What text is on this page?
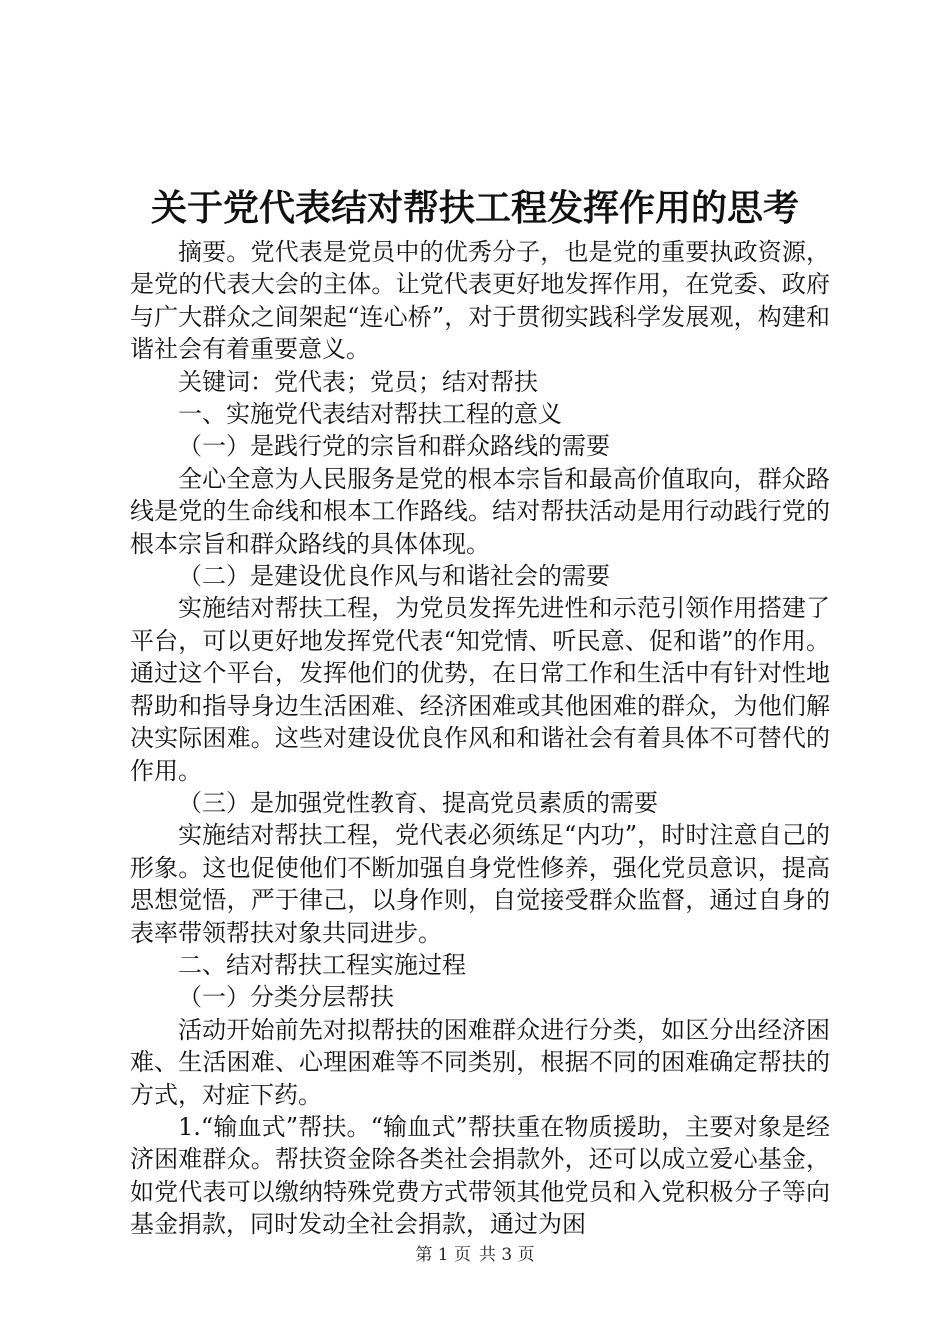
关于党代表结对帮扶工程发挥作用的思考

摘要。党代表是党员中的优秀分子，也是党的重要执政资源，是党的代表大会的主体。让党代表更好地发挥作用，在党委、政府与广大群众之间架起“连心桥”，对于贯彻实践科学发展观，构建和谐社会有着重要意义。

关键词：党代表；党员；结对帮扶

一、实施党代表结对帮扶工程的意义

（一）是践行党的宗旨和群众路线的需要

全心全意为人民服务是党的根本宗旨和最高价值取向，群众路线是党的生命线和根本工作路线。结对帮扶活动是用行动践行党的根本宗旨和群众路线的具体体现。

（二）是建设优良作风与和谐社会的需要

实施结对帮扶工程，为党员发挥先进性和示范引领作用搭建了平台，可以更好地发挥党代表“知党情、听民意、促和谐”的作用。通过这个平台，发挥他们的优势，在日常工作和生活中有针对性地帮助和指导身边生活困难、经济困难或其他困难的群众，为他们解决实际困难。这些对建设优良作风和和谐社会有着具体不可替代的作用。

（三）是加强党性教育、提高党员素质的需要

实施结对帮扶工程，党代表必须练足“内功”，时时注意自己的形象。这也促使他们不断加强自身党性修养，强化党员意识，提高思想觉悟，严于律己，以身作则，自觉接受群众监督，通过自身的表率带领帮扶对象共同进步。

二、结对帮扶工程实施过程

（一）分类分层帮扶

活动开始前先对拟帮扶的困难群众进行分类，如区分出经济困难、生活困难、心理困难等不同类别，根据不同的困难确定帮扶的方式，对症下药。

1.“输血式”帮扶。“输血式”帮扶重在物质援助，主要对象是经济困难群众。帮扶资金除各类社会捐款外，还可以成立爱心基金，如党代表可以缴纳特殊党费方式带领其他党员和入党积极分子等向基金捐款，同时发动全社会捐款，通过为困

第 1 页 共 3 页
